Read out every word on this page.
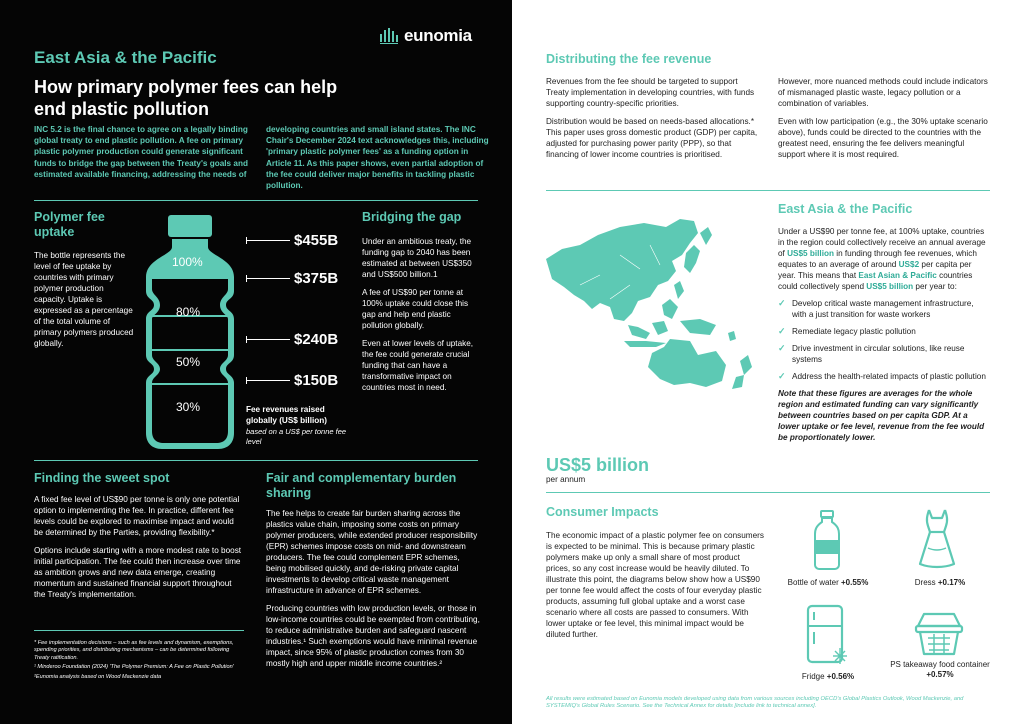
eunomia
East Asia & the Pacific
How primary polymer fees can help end plastic pollution
INC 5.2 is the final chance to agree on a legally binding global treaty to end plastic pollution. A fee on primary plastic polymer production could generate significant funds to bridge the gap between the Treaty's goals and estimated available financing, addressing the needs of
developing countries and small island states. The INC Chair's December 2024 text acknowledges this, including 'primary plastic polymer fees' as a funding option in Article 11. As this paper shows, even partial adoption of the fee could deliver major benefits in tackling plastic pollution.
Polymer fee uptake
The bottle represents the level of fee uptake by countries with primary polymer production capacity. Uptake is expressed as a percentage of the total volume of primary polymers produced globally.
100%
80%
50%
30%
$455B
$375B
$240B
$150B
Fee revenues raised globally (US$ billion)
based on a US$ per tonne fee level
Bridging the gap

Under an ambitious treaty, the funding gap to 2040 has been estimated at between US$350 and US$500 billion.1

A fee of US$90 per tonne at 100% uptake could close this gap and help end plastic pollution globally.

Even at lower levels of uptake, the fee could generate crucial funding that can have a transformative impact on countries most in need.

Finding the sweet spot

A fixed fee level of US$90 per tonne is only one potential option to implementing the fee. In practice, different fee levels could be explored to maximise impact and would be determined by the Parties, providing flexibility.*

Options include starting with a more modest rate to boost initial participation. The fee could then increase over time as ambition grows and new data emerge, creating momentum and sustained financial support throughout the Treaty's implementation.

* Fee implementation decisions – such as fee levels and dynamism, exemptions, spending priorities, and distributing mechanisms – can be determined following Treaty ratification.

¹ Minderoo Foundation (2024) 'The Polymer Premium: A Fee on Plastic Pollution'

²Eunomia analysis based on Wood Mackenzie data

Fair and complementary burden sharing

The fee helps to create fair burden sharing across the plastics value chain, imposing some costs on primary polymer producers, while extended producer responsibility (EPR) schemes impose costs on mid- and downstream producers. The fee could complement EPR schemes, being mobilised quickly, and de-risking private capital investments to develop critical waste management infrastructure in advance of EPR schemes.

Producing countries with low production levels, or those in low-income countries could be exempted from contributing, to reduce administrative burden and safeguard nascent industries.¹ Such exemptions would have minimal revenue impact, since 95% of plastic production comes from 30 mostly high and upper middle income countries.²

Distributing the fee revenue

Revenues from the fee should be targeted to support Treaty implementation in developing countries, with funds supporting country-specific priorities.

Distribution would be based on needs-based allocations.* This paper uses gross domestic product (GDP) per capita, adjusted for purchasing power parity (PPP), so that financing of lower income countries is prioritised.

However, more nuanced methods could include indicators of mismanaged plastic waste, legacy pollution or a combination of variables.

Even with low participation (e.g., the 30% uptake scenario above), funds could be directed to the countries with the greatest need, ensuring the fee delivers meaningful support where it is most required.

East Asia & the Pacific

Under a US$90 per tonne fee, at 100% uptake, countries in the region could collectively receive an annual average of US$5 billion in funding through fee revenues, which equates to an average of around US$2 per capita per year. This means that East Asian & Pacific countries could collectively spend US$5 billion per year to:

✓ Develop critical waste management infrastructure, with a just transition for waste workers
✓ Remediate legacy plastic pollution
✓ Drive investment in circular solutions, like reuse systems
✓ Address the health-related impacts of plastic pollution

Note that these figures are averages for the whole region and estimated funding can vary significantly between countries based on per capita GDP. At a lower uptake or fee level, revenue from the fee would be proportionately lower.

US$5 billion
per annum
Consumer Impacts
The economic impact of a plastic polymer fee on consumers is expected to be minimal. This is because primary plastic polymers make up only a small share of most product prices, so any cost increase would be heavily diluted. To illustrate this point, the diagrams below show how a US$90 per tonne fee would affect the costs of four everyday plastic products, assuming full global uptake and a worst case scenario where all costs are passed to consumers. With lower uptake or fee level, this minimal impact would be diluted further.
Bottle of water +0.55%	Dress +0.17%
Fridge +0.56%
PS takeaway food container +0.57%
All results were estimated based on Eunomia models developed using data from various sources including OECD's Global Plastics Outlook, Wood Mackenzie, and SYSTEMIQ's Global Rules Scenario. See the Technical Annex for details [include link to technical annex].
